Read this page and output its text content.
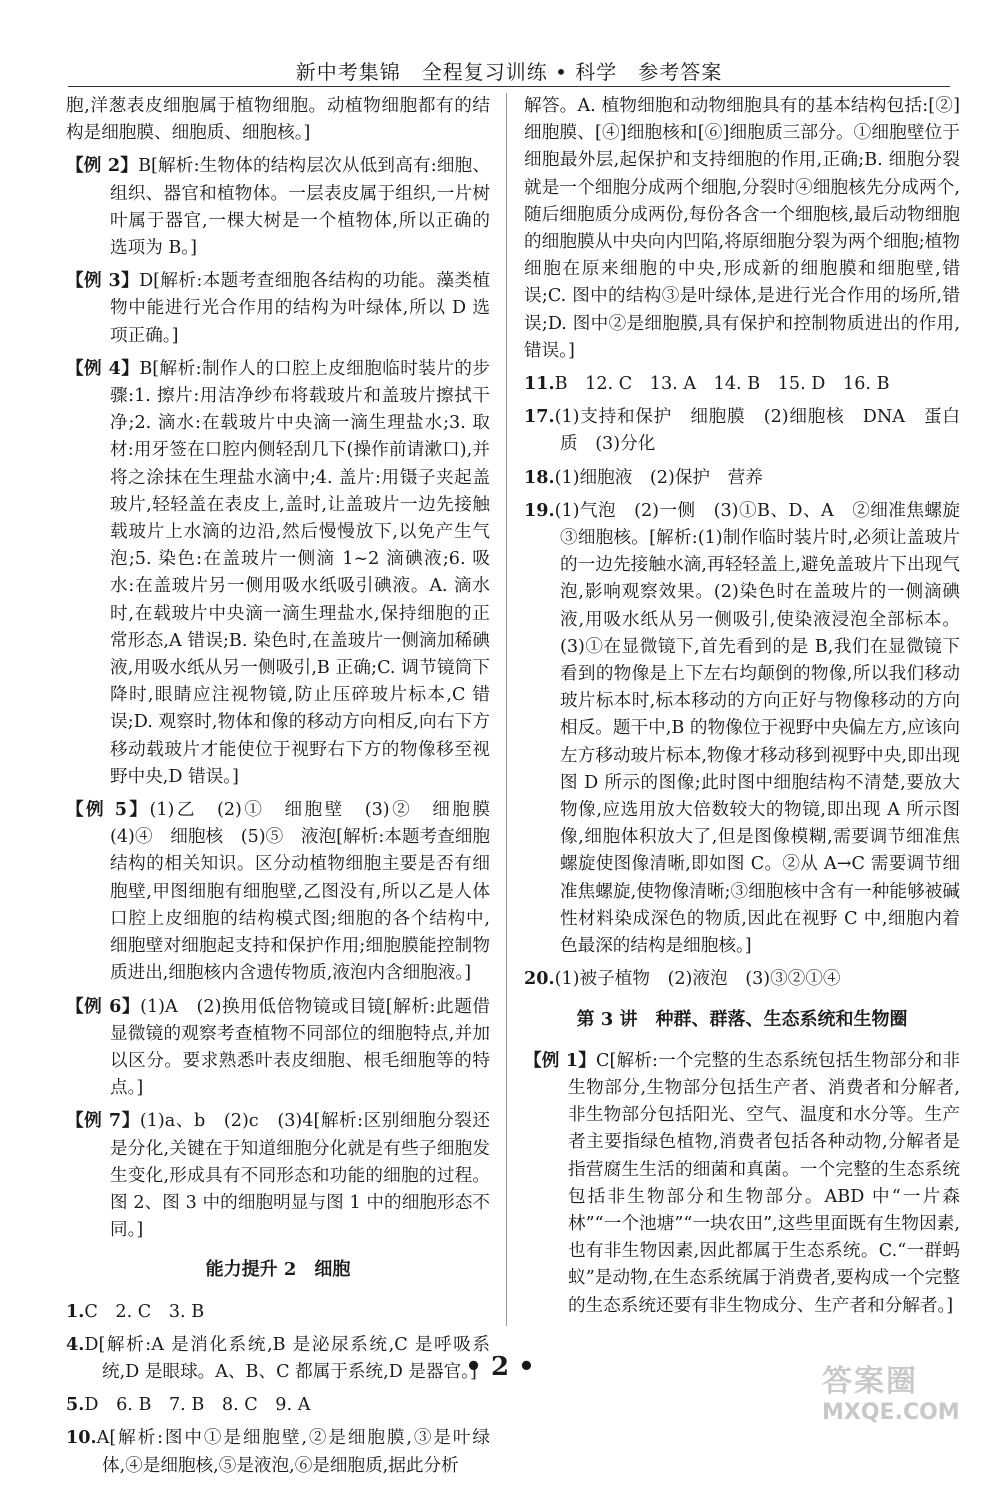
新中考集锦　全程复习训练 • 科学　参考答案
胞,洋葱表皮细胞属于植物细胞。动植物细胞都有的结构是细胞膜、细胞质、细胞核。]
【例 2】B[解析:生物体的结构层次从低到高有:细胞、组织、器官和植物体。一层表皮属于组织,一片树叶属于器官,一棵大树是一个植物体,所以正确的选项为 B。]
【例 3】D[解析:本题考查细胞各结构的功能。藻类植物中能进行光合作用的结构为叶绿体,所以 D 选项正确。]
【例 4】B[解析:制作人的口腔上皮细胞临时装片的步骤:1. 擦片:用洁净纱布将载玻片和盖玻片擦拭干净;2. 滴水:在载玻片中央滴一滴生理盐水;3. 取材:用牙签在口腔内侧轻刮几下(操作前请漱口),并将之涂抹在生理盐水滴中;4. 盖片:用镊子夹起盖玻片,轻轻盖在表皮上,盖时,让盖玻片一边先接触载玻片上水滴的边沿,然后慢慢放下,以免产生气泡;5. 染色:在盖玻片一侧滴 1~2 滴碘液;6. 吸水:在盖玻片另一侧用吸水纸吸引碘液。A. 滴水时,在载玻片中央滴一滴生理盐水,保持细胞的正常形态,A 错误;B. 染色时,在盖玻片一侧滴加稀碘液,用吸水纸从另一侧吸引,B 正确;C. 调节镜筒下降时,眼睛应注视物镜,防止压碎玻片标本,C 错误;D. 观察时,物体和像的移动方向相反,向右下方移动载玻片才能使位于视野右下方的物像移至视野中央,D 错误。]
【例 5】(1)乙　(2)①　细胞壁　(3)②　细胞膜　(4)④　细胞核　(5)⑤　液泡[解析:本题考查细胞结构的相关知识。区分动植物细胞主要是否有细胞壁,甲图细胞有细胞壁,乙图没有,所以乙是人体口腔上皮细胞的结构模式图;细胞的各个结构中,细胞壁对细胞起支持和保护作用;细胞膜能控制物质进出,细胞核内含遗传物质,液泡内含细胞液。]
【例 6】(1)A　(2)换用低倍物镜或目镜[解析:此题借显微镜的观察考查植物不同部位的细胞特点,并加以区分。要求熟悉叶表皮细胞、根毛细胞等的特点。]
【例 7】(1)a、b　(2)c　(3)4[解析:区别细胞分裂还是分化,关键在于知道细胞分化就是有些子细胞发生变化,形成具有不同形态和功能的细胞的过程。图 2、图 3 中的细胞明显与图 1 中的细胞形态不同。]
能力提升 2　细胞
1.C　2. C　3. B
4.D[解析:A 是消化系统,B 是泌尿系统,C 是呼吸系统,D 是眼球。A、B、C 都属于系统,D 是器官。]
5.D　6. B　7. B　8. C　9. A
10.A[解析:图中①是细胞壁,②是细胞膜,③是叶绿体,④是细胞核,⑤是液泡,⑥是细胞质,据此分析
解答。A. 植物细胞和动物细胞具有的基本结构包括:[②]细胞膜、[④]细胞核和[⑥]细胞质三部分。①细胞壁位于细胞最外层,起保护和支持细胞的作用,正确;B. 细胞分裂就是一个细胞分成两个细胞,分裂时④细胞核先分成两个,随后细胞质分成两份,每份各含一个细胞核,最后动物细胞的细胞膜从中央向内凹陷,将原细胞分裂为两个细胞;植物细胞在原来细胞的中央,形成新的细胞膜和细胞壁,错误;C. 图中的结构③是叶绿体,是进行光合作用的场所,错误;D. 图中②是细胞膜,具有保护和控制物质进出的作用,错误。]
11.B　12. C　13. A　14. B　15. D　16. B
17.(1)支持和保护　细胞膜　(2)细胞核　DNA　蛋白质　(3)分化
18.(1)细胞液　(2)保护　营养
19.(1)气泡　(2)一侧　(3)①B、D、A　②细准焦螺旋　③细胞核。[解析:(1)制作临时装片时,必须让盖玻片的一边先接触水滴,再轻轻盖上,避免盖玻片下出现气泡,影响观察效果。(2)染色时在盖玻片的一侧滴碘液,用吸水纸从另一侧吸引,使染液浸泡全部标本。(3)①在显微镜下,首先看到的是 B,我们在显微镜下看到的物像是上下左右均颠倒的物像,所以我们移动玻片标本时,标本移动的方向正好与物像移动的方向相反。题干中,B 的物像位于视野中央偏左方,应该向左方移动玻片标本,物像才移动移到视野中央,即出现图 D 所示的图像;此时图中细胞结构不清楚,要放大物像,应选用放大倍数较大的物镜,即出现 A 所示图像,细胞体积放大了,但是图像模糊,需要调节细准焦螺旋使图像清晰,即如图 C。②从 A→C 需要调节细准焦螺旋,使物像清晰;③细胞核中含有一种能够被碱性材料染成深色的物质,因此在视野 C 中,细胞内着色最深的结构是细胞核。]
20.(1)被子植物　(2)液泡　(3)③②①④
第 3 讲　种群、群落、生态系统和生物圈
【例 1】C[解析:一个完整的生态系统包括生物部分和非生物部分,生物部分包括生产者、消费者和分解者,非生物部分包括阳光、空气、温度和水分等。生产者主要指绿色植物,消费者包括各种动物,分解者是指营腐生生活的细菌和真菌。一个完整的生态系统包括非生物部分和生物部分。ABD 中“一片森林”“一个池塘”“一块农田”,这些里面既有生物因素,也有非生物因素,因此都属于生态系统。C.“一群蚂蚁”是动物,在生态系统属于消费者,要构成一个完整的生态系统还要有非生物成分、生产者和分解者。]
• 2 •	答案圈
MXQE.COM
